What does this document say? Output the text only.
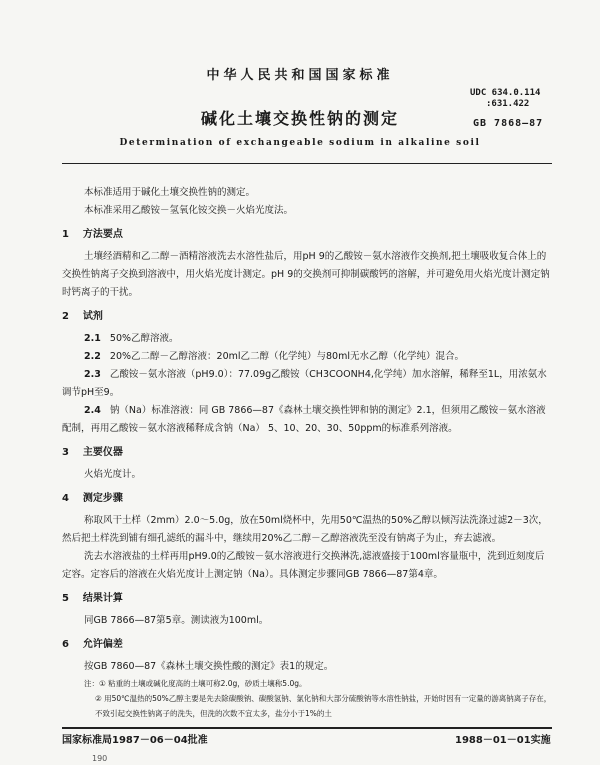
中华人民共和国国家标准
UDC 634.0.114
:631.422
碱化土壤交换性钠的测定	GB 7868—87
Determination of exchangeable sodium in alkaline soil

本标准适用于碱化土壤交换性钠的测定。

本标准采用乙酸铵－氢氧化铵交换－火焰光度法。

1 方法要点

土壤经酒精和乙二醇－酒精溶液洗去水溶性盐后，用pH 9的乙酸铵－氨水溶液作交换剂,把土壤吸收复合体上的交换性钠离子交换到溶液中，用火焰光度计测定。pH 9的交换剂可抑制碳酸钙的溶解，并可避免用火焰光度计测定钠时钙离子的干扰。

2 试剂

2.1 50%乙醇溶液。

2.2 20%乙二醇－乙醇溶液：20ml乙二醇（化学纯）与80ml无水乙醇（化学纯）混合。

2.3 乙酸铵－氨水溶液（pH9.0）：77.09g乙酸铵（CH3COONH4,化学纯）加水溶解，稀释至1L，用浓氨水调节pH至9。

2.4 钠（Na）标准溶液：同 GB 7866—87《森林土壤交换性钾和钠的测定》2.1，但须用乙酸铵－氨水溶液配制，再用乙酸铵－氨水溶液稀释成含钠（Na） 5、10、20、30、50ppm的标准系列溶液。

3 主要仪器

火焰光度计。

4 测定步骤

称取风干土样（2mm）2.0～5.0g，放在50ml烧杯中，先用50℃温热的50%乙醇以倾泻法洗涤过滤2－3次，然后把土样洗到铺有细孔滤纸的漏斗中，继续用20%乙二醇－乙醇溶液洗至没有钠离子为止，弃去滤液。

洗去水溶液盐的土样再用pH9.0的乙酸铵－氨水溶液进行交换淋洗,滤液盛接于100ml容量瓶中，洗到近刻度后定容。定容后的溶液在火焰光度计上测定钠（Na）。具体测定步骤同GB 7866—87第4章。

5 结果计算

同GB 7866—87第5章。测读液为100ml。

6 允许偏差

按GB 7860—87《森林土壤交换性酸的测定》表1的规定。

注：① 粘重的土壤或碱化度高的土壤可称2.0g，砂质土壤称5.0g。

② 用50℃温热的50%乙醇主要是先去除碳酸钠、碳酸氢钠、氯化钠和大部分硫酸钠等水溶性钠盐，开始时因有一定量的游离钠离子存在，不致引起交换性钠离子的洗失，但洗的次数不宜太多，盐分小于1%的土

国家标准局1987－06－04批准	1988－01－01实施
190
